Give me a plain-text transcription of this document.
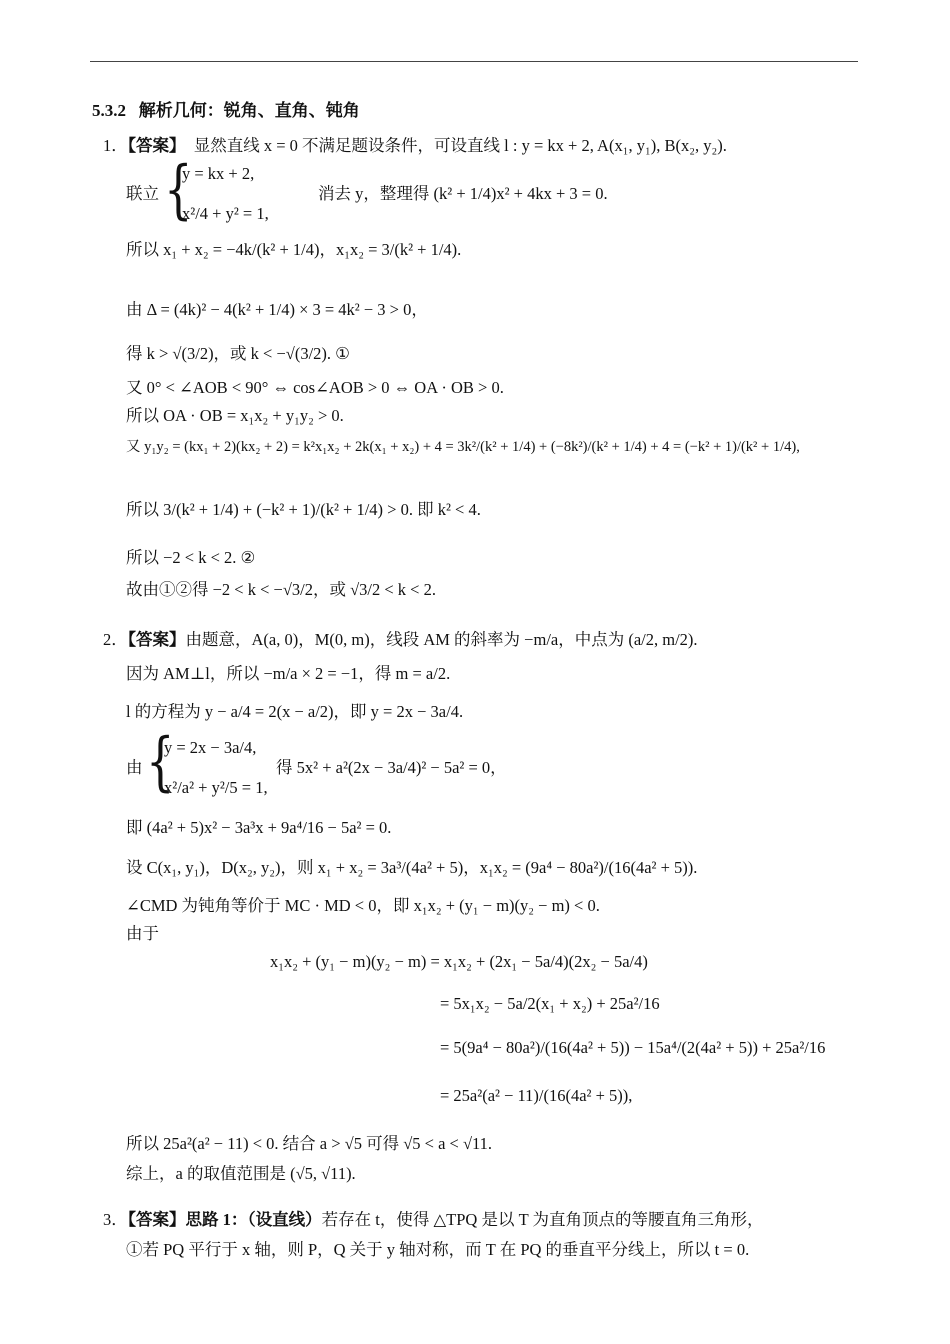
5.3.2 解析几何：锐角、直角、钝角
1．【答案】 显然直线 x = 0 不满足题设条件，可设直线 l : y = kx + 2, A(x₁, y₁), B(x₂, y₂).
联立 {
y = kx + 2,
x²/4 + y² = 1,
消去 y，整理得 (k² + 1/4)x² + 4kx + 3 = 0.
所以 x₁ + x₂ = −4k/(k² + 1/4)，x₁x₂ = 3/(k² + 1/4).
由 Δ = (4k)² − 4(k² + 1/4) × 3 = 4k² − 3 > 0，
得 k > √(3/2)，或 k < −√(3/2). ①
又 0° < ∠AOB < 90° ⇔ cos∠AOB > 0 ⇔ OA · OB > 0.
所以 OA · OB = x₁x₂ + y₁y₂ > 0.
又 y₁y₂ = (kx₁ + 2)(kx₂ + 2) = k²x₁x₂ + 2k(x₁ + x₂) + 4 = 3k²/(k² + 1/4) + (−8k²)/(k² + 1/4) + 4 = (−k² + 1)/(k² + 1/4),
所以 3/(k² + 1/4) + (−k² + 1)/(k² + 1/4) > 0. 即 k² < 4.
所以 −2 < k < 2. ②
故由①②得 −2 < k < −√3/2，或 √3/2 < k < 2.
2．【答案】由题意，A(a, 0)，M(0, m)，线段 AM 的斜率为 −m/a，中点为 (a/2, m/2).
因为 AM⊥l，所以 −m/a × 2 = −1，得 m = a/2.
l 的方程为 y − a/4 = 2(x − a/2)，即 y = 2x − 3a/4.
由 {
y = 2x − 3a/4,
x²/a² + y²/5 = 1,
得 5x² + a²(2x − 3a/4)² − 5a² = 0，
即 (4a² + 5)x² − 3a³x + 9a⁴/16 − 5a² = 0.
设 C(x₁, y₁)，D(x₂, y₂)，则 x₁ + x₂ = 3a³/(4a² + 5)，x₁x₂ = (9a⁴ − 80a²)/(16(4a² + 5)).
∠CMD 为钝角等价于 MC · MD < 0，即 x₁x₂ + (y₁ − m)(y₂ − m) < 0.
由于
x₁x₂ + (y₁ − m)(y₂ − m) = x₁x₂ + (2x₁ − 5a/4)(2x₂ − 5a/4)
= 5x₁x₂ − 5a/2(x₁ + x₂) + 25a²/16
= 5(9a⁴ − 80a²)/(16(4a² + 5)) − 15a⁴/(2(4a² + 5)) + 25a²/16
= 25a²(a² − 11)/(16(4a² + 5)),
所以 25a²(a² − 11) < 0. 结合 a > √5 可得 √5 < a < √11.
综上，a 的取值范围是 (√5, √11).
3．【答案】思路 1：（设直线）若存在 t，使得 △TPQ 是以 T 为直角顶点的等腰直角三角形，
①若 PQ 平行于 x 轴，则 P，Q 关于 y 轴对称，而 T 在 PQ 的垂直平分线上，所以 t = 0.
